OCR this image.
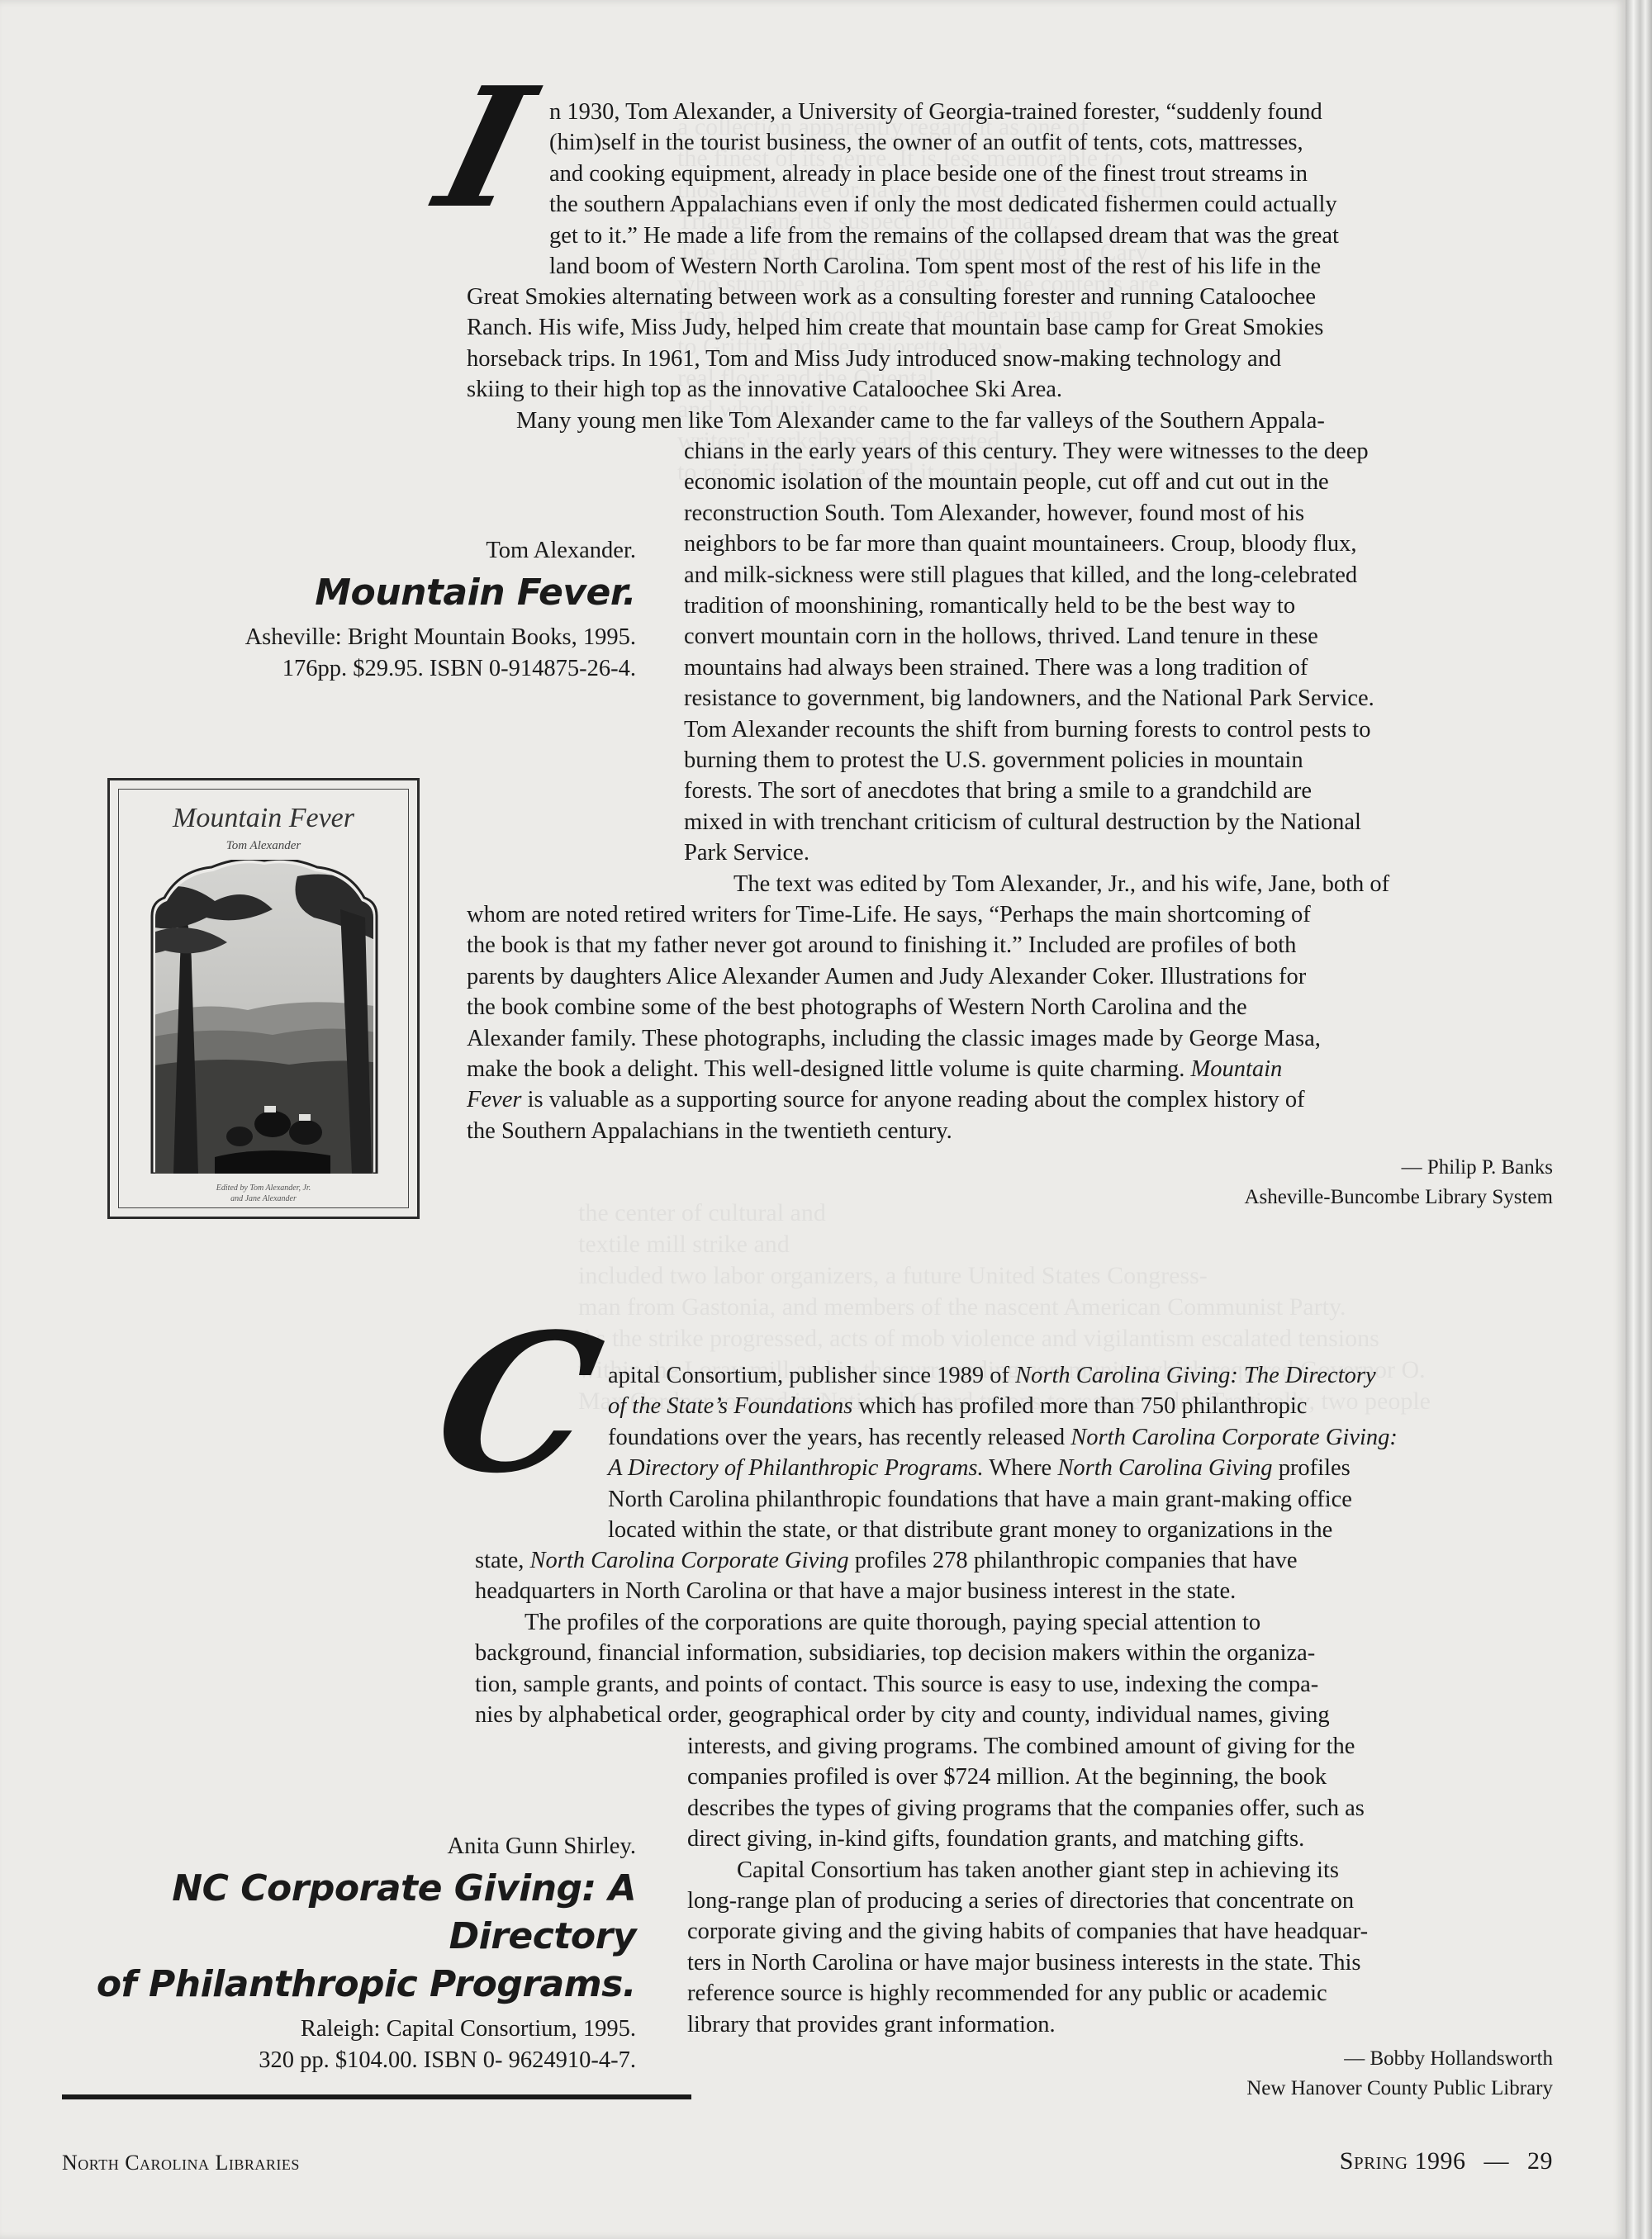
I n 1930, Tom Alexander, a University of Georgia-trained forester, “suddenly found

(him)self in the tourist business, the owner of an outfit of tents, cots, mattresses,

and cooking equipment, already in place beside one of the finest trout streams in

the southern Appalachians even if only the most dedicated fishermen could actually

get to it.” He made a life from the remains of the collapsed dream that was the great

land boom of Western North Carolina. Tom spent most of the rest of his life in the

Great Smokies alternating between work as a consulting forester and running Cataloochee

Ranch. His wife, Miss Judy, helped him create that mountain base camp for Great Smokies

horseback trips. In 1961, Tom and Miss Judy introduced snow-making technology and

skiing to their high top as the innovative Cataloochee Ski Area.

Many young men like Tom Alexander came to the far valleys of the Southern Appala-

chians in the early years of this century. They were witnesses to the deep

economic isolation of the mountain people, cut off and cut out in the

reconstruction South. Tom Alexander, however, found most of his

neighbors to be far more than quaint mountaineers. Croup, bloody flux,

and milk-sickness were still plagues that killed, and the long-celebrated

tradition of moonshining, romantically held to be the best way to

convert mountain corn in the hollows, thrived. Land tenure in these

mountains had always been strained. There was a long tradition of

resistance to government, big landowners, and the National Park Service.

Tom Alexander recounts the shift from burning forests to control pests to

burning them to protest the U.S. government policies in mountain

forests. The sort of anecdotes that bring a smile to a grandchild are

mixed in with trenchant criticism of cultural destruction by the National

Park Service.

The text was edited by Tom Alexander, Jr., and his wife, Jane, both of

whom are noted retired writers for Time-Life. He says, “Perhaps the main shortcoming of

the book is that my father never got around to finishing it.” Included are profiles of both

parents by daughters Alice Alexander Aumen and Judy Alexander Coker. Illustrations for

the book combine some of the best photographs of Western North Carolina and the

Alexander family. These photographs, including the classic images made by George Masa,

make the book a delight. This well-designed little volume is quite charming. Mountain

Fever is valuable as a supporting source for anyone reading about the complex history of

the Southern Appalachians in the twentieth century.

— Philip P. Banks
Asheville-Buncombe Library System
Tom Alexander.
Mountain Fever.
Asheville: Bright Mountain Books, 1995.
176pp. $29.95. ISBN 0-914875-26-4.
Mountain Fever
Tom Alexander
Edited by Tom Alexander, Jr.
and Jane Alexander
C

apital Consortium, publisher since 1989 of North Carolina Giving: The Directory

of the State’s Foundations which has profiled more than 750 philanthropic

foundations over the years, has recently released North Carolina Corporate Giving:

A Directory of Philanthropic Programs. Where North Carolina Giving profiles

North Carolina philanthropic foundations that have a main grant-making office

located within the state, or that distribute grant money to organizations in the

state, North Carolina Corporate Giving profiles 278 philanthropic companies that have

headquarters in North Carolina or that have a major business interest in the state.

The profiles of the corporations are quite thorough, paying special attention to

background, financial information, subsidiaries, top decision makers within the organiza-

tion, sample grants, and points of contact. This source is easy to use, indexing the compa-

nies by alphabetical order, geographical order by city and county, individual names, giving

interests, and giving programs. The combined amount of giving for the

companies profiled is over $724 million. At the beginning, the book

describes the types of giving programs that the companies offer, such as

direct giving, in-kind gifts, foundation grants, and matching gifts.

Capital Consortium has taken another giant step in achieving its

long-range plan of producing a series of directories that concentrate on

corporate giving and the giving habits of companies that have headquar-

ters in North Carolina or have major business interests in the state. This

reference source is highly recommended for any public or academic

library that provides grant information.

— Bobby Hollandsworth
New Hanover County Public Library
Anita Gunn Shirley.
NC Corporate Giving: A Directory
of Philanthropic Programs.
Raleigh: Capital Consortium, 1995.
320 pp. $104.00. ISBN 0- 9624910-4-7.
North Carolina Libraries	Spring 1996 — 29
